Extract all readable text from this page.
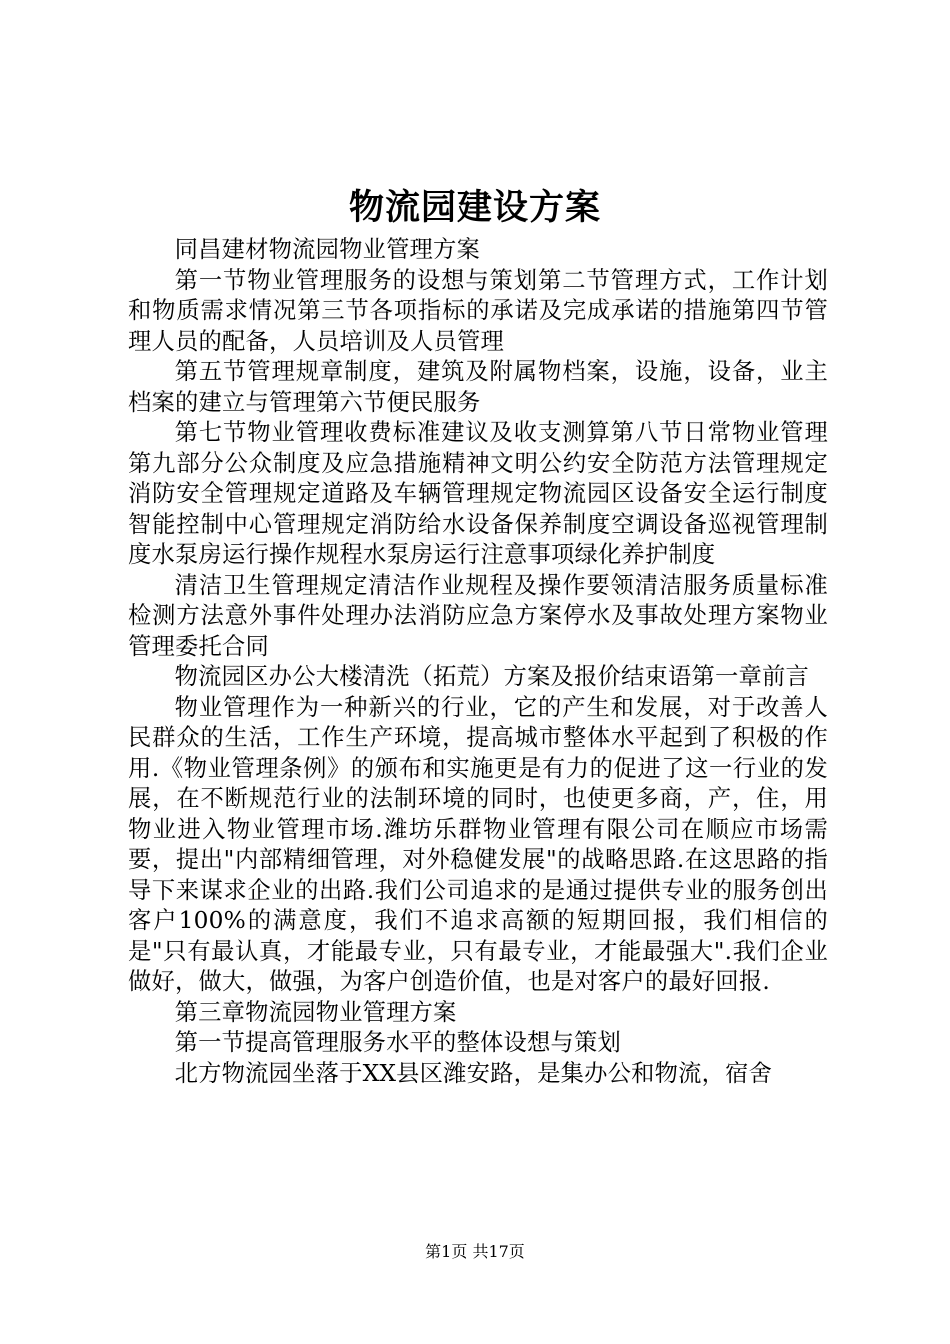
物流园建设方案

同昌建材物流园物业管理方案

第一节物业管理服务的设想与策划第二节管理方式，工作计划和物质需求情况第三节各项指标的承诺及完成承诺的措施第四节管理人员的配备，人员培训及人员管理

第五节管理规章制度，建筑及附属物档案，设施，设备，业主档案的建立与管理第六节便民服务

第七节物业管理收费标准建议及收支测算第八节日常物业管理第九部分公众制度及应急措施精神文明公约安全防范方法管理规定消防安全管理规定道路及车辆管理规定物流园区设备安全运行制度智能控制中心管理规定消防给水设备保养制度空调设备巡视管理制度水泵房运行操作规程水泵房运行注意事项绿化养护制度

清洁卫生管理规定清洁作业规程及操作要领清洁服务质量标准检测方法意外事件处理办法消防应急方案停水及事故处理方案物业管理委托合同

物流园区办公大楼清洗（拓荒）方案及报价结束语第一章前言

物业管理作为一种新兴的行业，它的产生和发展，对于改善人民群众的生活，工作生产环境，提高城市整体水平起到了积极的作用.《物业管理条例》的颁布和实施更是有力的促进了这一行业的发展，在不断规范行业的法制环境的同时，也使更多商，产，住，用物业进入物业管理市场.潍坊乐群物业管理有限公司在顺应市场需要，提出"内部精细管理，对外稳健发展"的战略思路.在这思路的指导下来谋求企业的出路.我们公司追求的是通过提供专业的服务创出客户100%的满意度，我们不追求高额的短期回报，我们相信的是"只有最认真，才能最专业，只有最专业，才能最强大".我们企业做好，做大，做强，为客户创造价值，也是对客户的最好回报.

第三章物流园物业管理方案

第一节提高管理服务水平的整体设想与策划

北方物流园坐落于XX县区潍安路，是集办公和物流，宿舍

第1页 共17页
